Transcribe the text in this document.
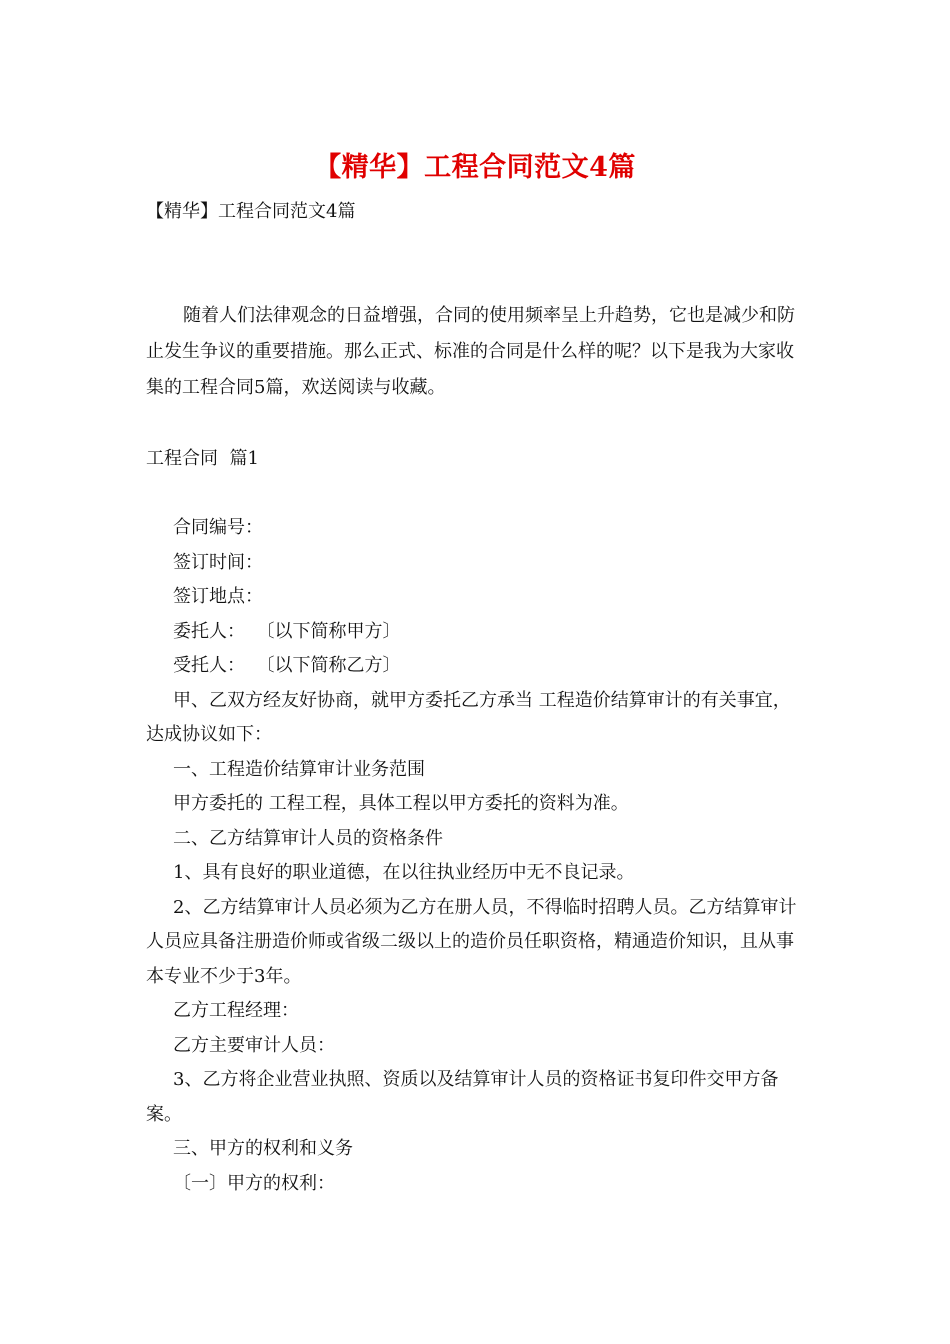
【精华】工程合同范文4篇
【精华】工程合同范文4篇

随着人们法律观念的日益增强，合同的使用频率呈上升趋势，它也是减少和防止发生争议的重要措施。那么正式、标准的合同是什么样的呢？以下是我为大家收集的工程合同5篇，欢送阅读与收藏。

工程合同  篇1
合同编号：
签订时间：
签订地点：
委托人：  〔以下简称甲方〕
受托人：  〔以下简称乙方〕
甲、乙双方经友好协商，就甲方委托乙方承当 工程造价结算审计的有关事宜，达成协议如下：
一、工程造价结算审计业务范围
甲方委托的 工程工程，具体工程以甲方委托的资料为准。
二、乙方结算审计人员的资格条件
1、具有良好的职业道德，在以往执业经历中无不良记录。
2、乙方结算审计人员必须为乙方在册人员，不得临时招聘人员。乙方结算审计人员应具备注册造价师或省级二级以上的造价员任职资格，精通造价知识，且从事本专业不少于3年。
乙方工程经理：
乙方主要审计人员：
3、乙方将企业营业执照、资质以及结算审计人员的资格证书复印件交甲方备案。
三、甲方的权利和义务
〔一〕甲方的权利：
